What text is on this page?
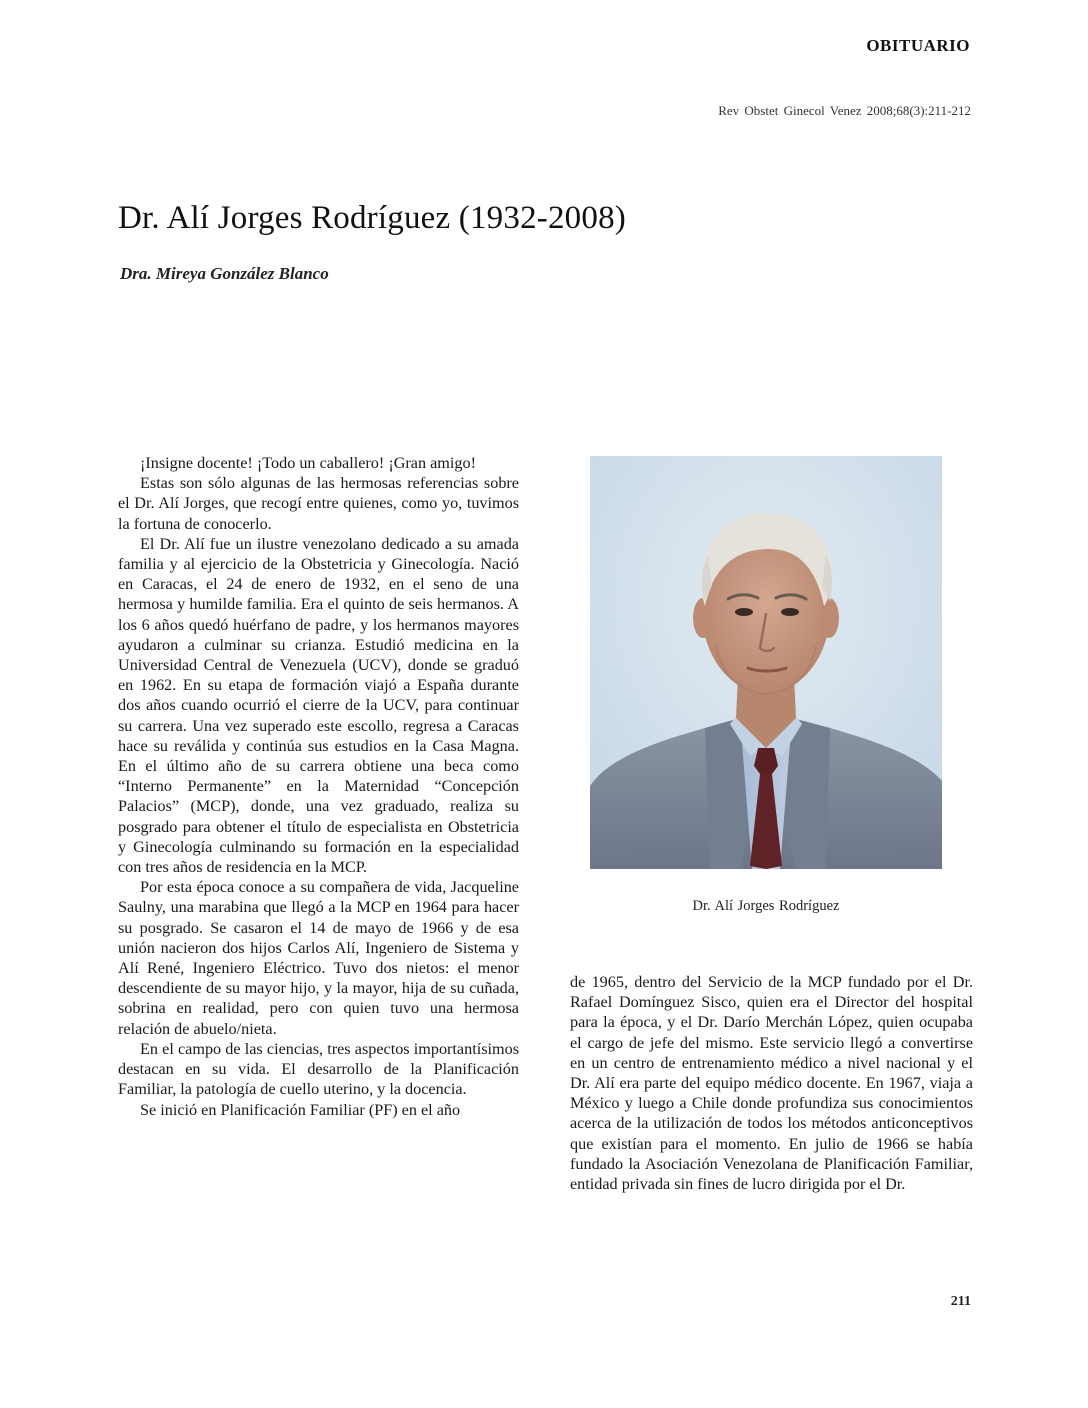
OBITUARIO
Rev Obstet Ginecol Venez 2008;68(3):211-212
Dr. Alí Jorges Rodríguez (1932-2008)
Dra. Mireya González Blanco

¡Insigne docente! ¡Todo un caballero! ¡Gran amigo!

Estas son sólo algunas de las hermosas referencias sobre el Dr. Alí Jorges, que recogí entre quienes, como yo, tuvimos la fortuna de conocerlo.

El Dr. Alí fue un ilustre venezolano dedicado a su amada familia y al ejercicio de la Obstetricia y Ginecología. Nació en Caracas, el 24 de enero de 1932, en el seno de una hermosa y humilde familia. Era el quinto de seis hermanos. A los 6 años quedó huérfano de padre, y los hermanos mayores ayudaron a culminar su crianza. Estudió medicina en la Universidad Central de Venezuela (UCV), donde se graduó en 1962. En su etapa de formación viajó a España durante dos años cuando ocurrió el cierre de la UCV, para continuar su carrera. Una vez superado este escollo, regresa a Caracas hace su reválida y continúa sus estudios en la Casa Magna. En el último año de su carrera obtiene una beca como “Interno Permanente” en la Maternidad “Concepción Palacios” (MCP), donde, una vez graduado, realiza su posgrado para obtener el título de especialista en Obstetricia y Ginecología culminando su formación en la especialidad con tres años de residencia en la MCP.

Por esta época conoce a su compañera de vida, Jacqueline Saulny, una marabina que llegó a la MCP en 1964 para hacer su posgrado. Se casaron el 14 de mayo de 1966 y de esa unión nacieron dos hijos Carlos Alí, Ingeniero de Sistema y Alí René, Ingeniero Eléctrico. Tuvo dos nietos: el menor descendiente de su mayor hijo, y la mayor, hija de su cuñada, sobrina en realidad, pero con quien tuvo una hermosa relación de abuelo/nieta.

En el campo de las ciencias, tres aspectos importantísimos destacan en su vida. El desarrollo de la Planificación Familiar, la patología de cuello uterino, y la docencia.

Se inició en Planificación Familiar (PF) en el año

Dr. Alí Jorges Rodríguez

de 1965, dentro del Servicio de la MCP fundado por el Dr. Rafael Domínguez Sisco, quien era el Director del hospital para la época, y el Dr. Darío Merchán López, quien ocupaba el cargo de jefe del mismo. Este servicio llegó a convertirse en un centro de entrenamiento médico a nivel nacional y el Dr. Alí era parte del equipo médico docente. En 1967, viaja a México y luego a Chile donde profundiza sus conocimientos acerca de la utilización de todos los métodos anticonceptivos que existían para el momento. En julio de 1966 se había fundado la Asociación Venezolana de Planificación Familiar, entidad privada sin fines de lucro dirigida por el Dr.

211
